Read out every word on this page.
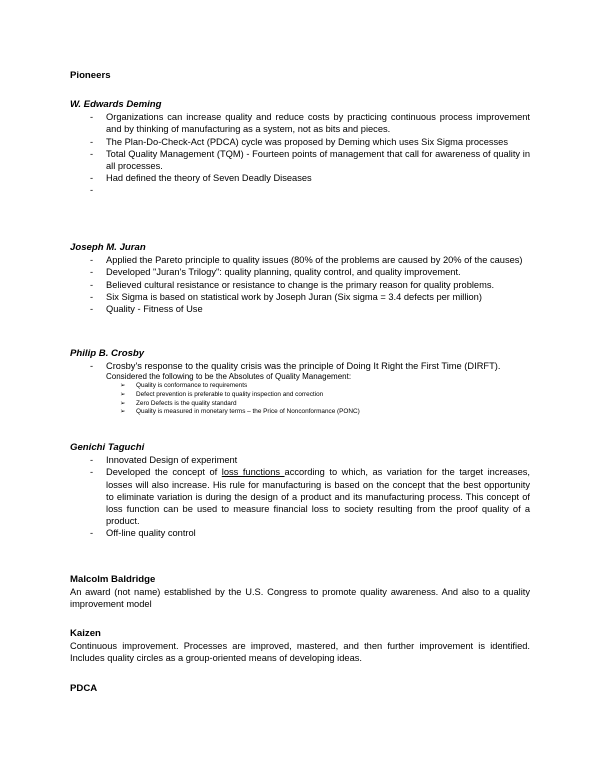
Pioneers
W. Edwards Deming
- Organizations can increase quality and reduce costs by practicing continuous process improvement and by thinking of manufacturing as a system, not as bits and pieces.
- The Plan-Do-Check-Act (PDCA) cycle was proposed by Deming which uses Six Sigma processes
- Total Quality Management (TQM) - Fourteen points of management that call for awareness of quality in all processes.
- Had defined the theory of Seven Deadly Diseases
-

Joseph M. Juran
- Applied the Pareto principle to quality issues (80% of the problems are caused by 20% of the causes)
- Developed "Juran's Trilogy": quality planning, quality control, and quality improvement.
- Believed cultural resistance or resistance to change is the primary reason for quality problems.
- Six Sigma is based on statistical work by Joseph Juran (Six sigma = 3.4 defects per million)
- Quality - Fitness of Use
Philip B. Crosby
- Crosby's response to the quality crisis was the principle of Doing It Right the First Time (DIRFT).
Considered the following to be the Absolutes of Quality Management:
➢ Quality is conformance to requirements
➢ Defect prevention is preferable to quality inspection and correction
➢ Zero Defects is the quality standard
➢ Quality is measured in monetary terms – the Price of Nonconformance (PONC)
Genichi Taguchi
- Innovated Design of experiment
- Developed the concept of loss functions according to which, as variation for the target increases, losses will also increase. His rule for manufacturing is based on the concept that the best opportunity to eliminate variation is during the design of a product and its manufacturing process. This concept of loss function can be used to measure financial loss to society resulting from the proof quality of a product.
- Off-line quality control
Malcolm Baldridge

An award (not name) established by the U.S. Congress to promote quality awareness. And also to a quality improvement model

Kaizen

Continuous improvement. Processes are improved, mastered, and then further improvement is identified. Includes quality circles as a group-oriented means of developing ideas.

PDCA
